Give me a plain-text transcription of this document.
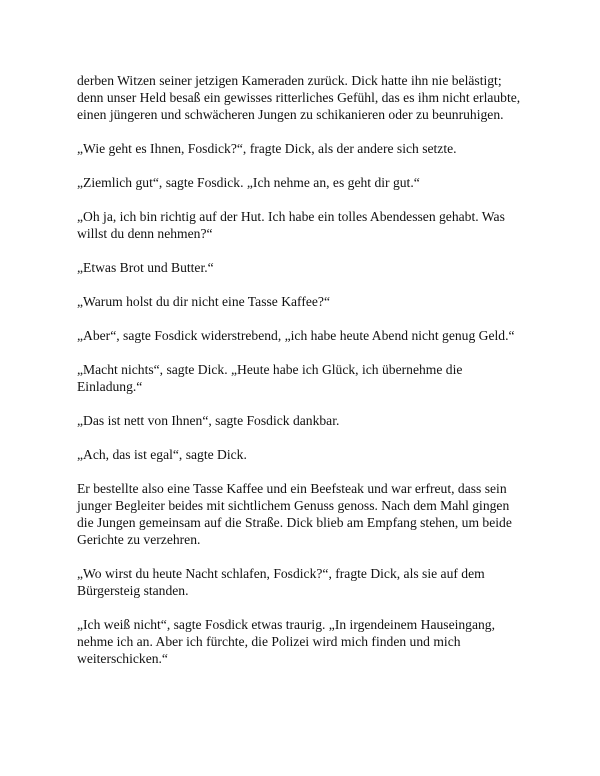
derben Witzen seiner jetzigen Kameraden zurück. Dick hatte ihn nie belästigt; denn unser Held besaß ein gewisses ritterliches Gefühl, das es ihm nicht erlaubte, einen jüngeren und schwächeren Jungen zu schikanieren oder zu beunruhigen.

„Wie geht es Ihnen, Fosdick?“, fragte Dick, als der andere sich setzte.

„Ziemlich gut“, sagte Fosdick. „Ich nehme an, es geht dir gut.“

„Oh ja, ich bin richtig auf der Hut. Ich habe ein tolles Abendessen gehabt. Was willst du denn nehmen?“

„Etwas Brot und Butter.“

„Warum holst du dir nicht eine Tasse Kaffee?“

„Aber“, sagte Fosdick widerstrebend, „ich habe heute Abend nicht genug Geld.“

„Macht nichts“, sagte Dick. „Heute habe ich Glück, ich übernehme die Einladung.“

„Das ist nett von Ihnen“, sagte Fosdick dankbar.

„Ach, das ist egal“, sagte Dick.

Er bestellte also eine Tasse Kaffee und ein Beefsteak und war erfreut, dass sein junger Begleiter beides mit sichtlichem Genuss genoss. Nach dem Mahl gingen die Jungen gemeinsam auf die Straße. Dick blieb am Empfang stehen, um beide Gerichte zu verzehren.

„Wo wirst du heute Nacht schlafen, Fosdick?“, fragte Dick, als sie auf dem Bürgersteig standen.

„Ich weiß nicht“, sagte Fosdick etwas traurig. „In irgendeinem Hauseingang, nehme ich an. Aber ich fürchte, die Polizei wird mich finden und mich weiterschicken.“
